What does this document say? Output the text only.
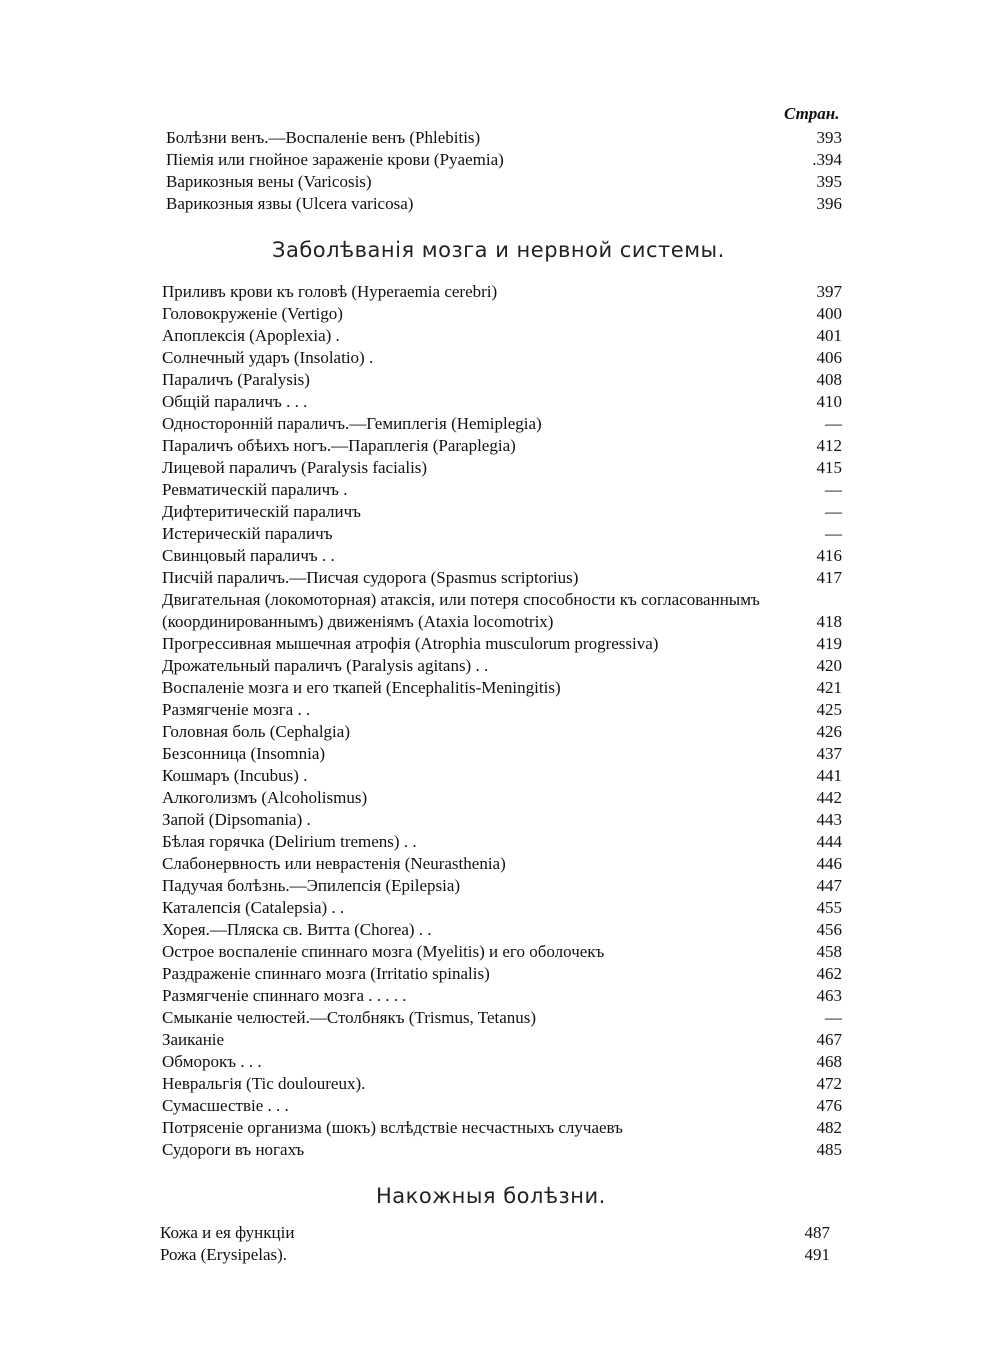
Стран.
Болѣзни венъ.—Воспаленіе венъ (Phlebitis)	393
Піемія или гнойное зараженіе крови (Pyaemia)	.394
Варикозныя вены (Varicosis)	395
Варикозныя язвы (Ulcera varicosa)	396
Заболѣванія мозга и нервной системы.
Приливъ крови къ головѣ (Hyperaemia cerebri)	397
Головокруженіе (Vertigo)	400
Апоплексія (Apoplexia) .	401
Солнечный ударъ (Insolatio) .	406
Параличъ (Paralysis)	408
Общій параличъ . . .	410
Односторонній параличъ.—Гемиплегія (Hemiplegia)	—
Параличъ обѣихъ ногъ.—Параплегія (Paraplegia)	412
Лицевой параличъ (Paralysis facialis)	415
Ревматическій параличъ .	—
Дифтеритическій параличъ	—
Истерическій параличъ	—
Свинцовый параличъ . .	416
Писчій параличъ.—Писчая судорога (Spasmus scriptorius)	417
Двигательная (локомоторная) атаксія, или потеря способности къ согласованнымъ (координированнымъ) движеніямъ (Ataxia locomotrix)	418
Прогрессивная мышечная атрофія (Atrophia musculorum progressiva)	419
Дрожательный параличъ (Paralysis agitans) . .	420
Воспаленіе мозга и его ткапей (Encephalitis-Meningitis)	421
Размягченіе мозга . .	425
Головная боль (Cephalgia)	426
Безсонница (Insomnia)	437
Кошмаръ (Incubus) .	441
Алкоголизмъ (Alcoholismus)	442
Запой (Dipsomania) .	443
Бѣлая горячка (Delirium tremens) . .	444
Слабонервность или неврастенія (Neurasthenia)	446
Падучая болѣзнь.—Эпилепсія (Epilepsia)	447
Каталепсія (Catalepsia) . .	455
Хорея.—Пляска св. Витта (Chorea) . .	456
Острое воспаленіе спиннаго мозга (Myelitis) и его оболочекъ	458
Раздраженіе спиннаго мозга (Irritatio spinalis)	462
Размягченіе спиннаго мозга . . . . .	463
Смыканіе челюстей.—Столбнякъ (Trismus, Tetanus)	—
Заиканіе	467
Обморокъ . . .	468
Невральгія (Tic douloureux).	472
Сумасшествіе . . .	476
Потрясеніе организма (шокъ) вслѣдствіе несчастныхъ случаевъ	482
Судороги въ ногахъ	485
Накожныя болѣзни.
Кожа и ея функціи	487
Рожа (Erysipelas).	491
